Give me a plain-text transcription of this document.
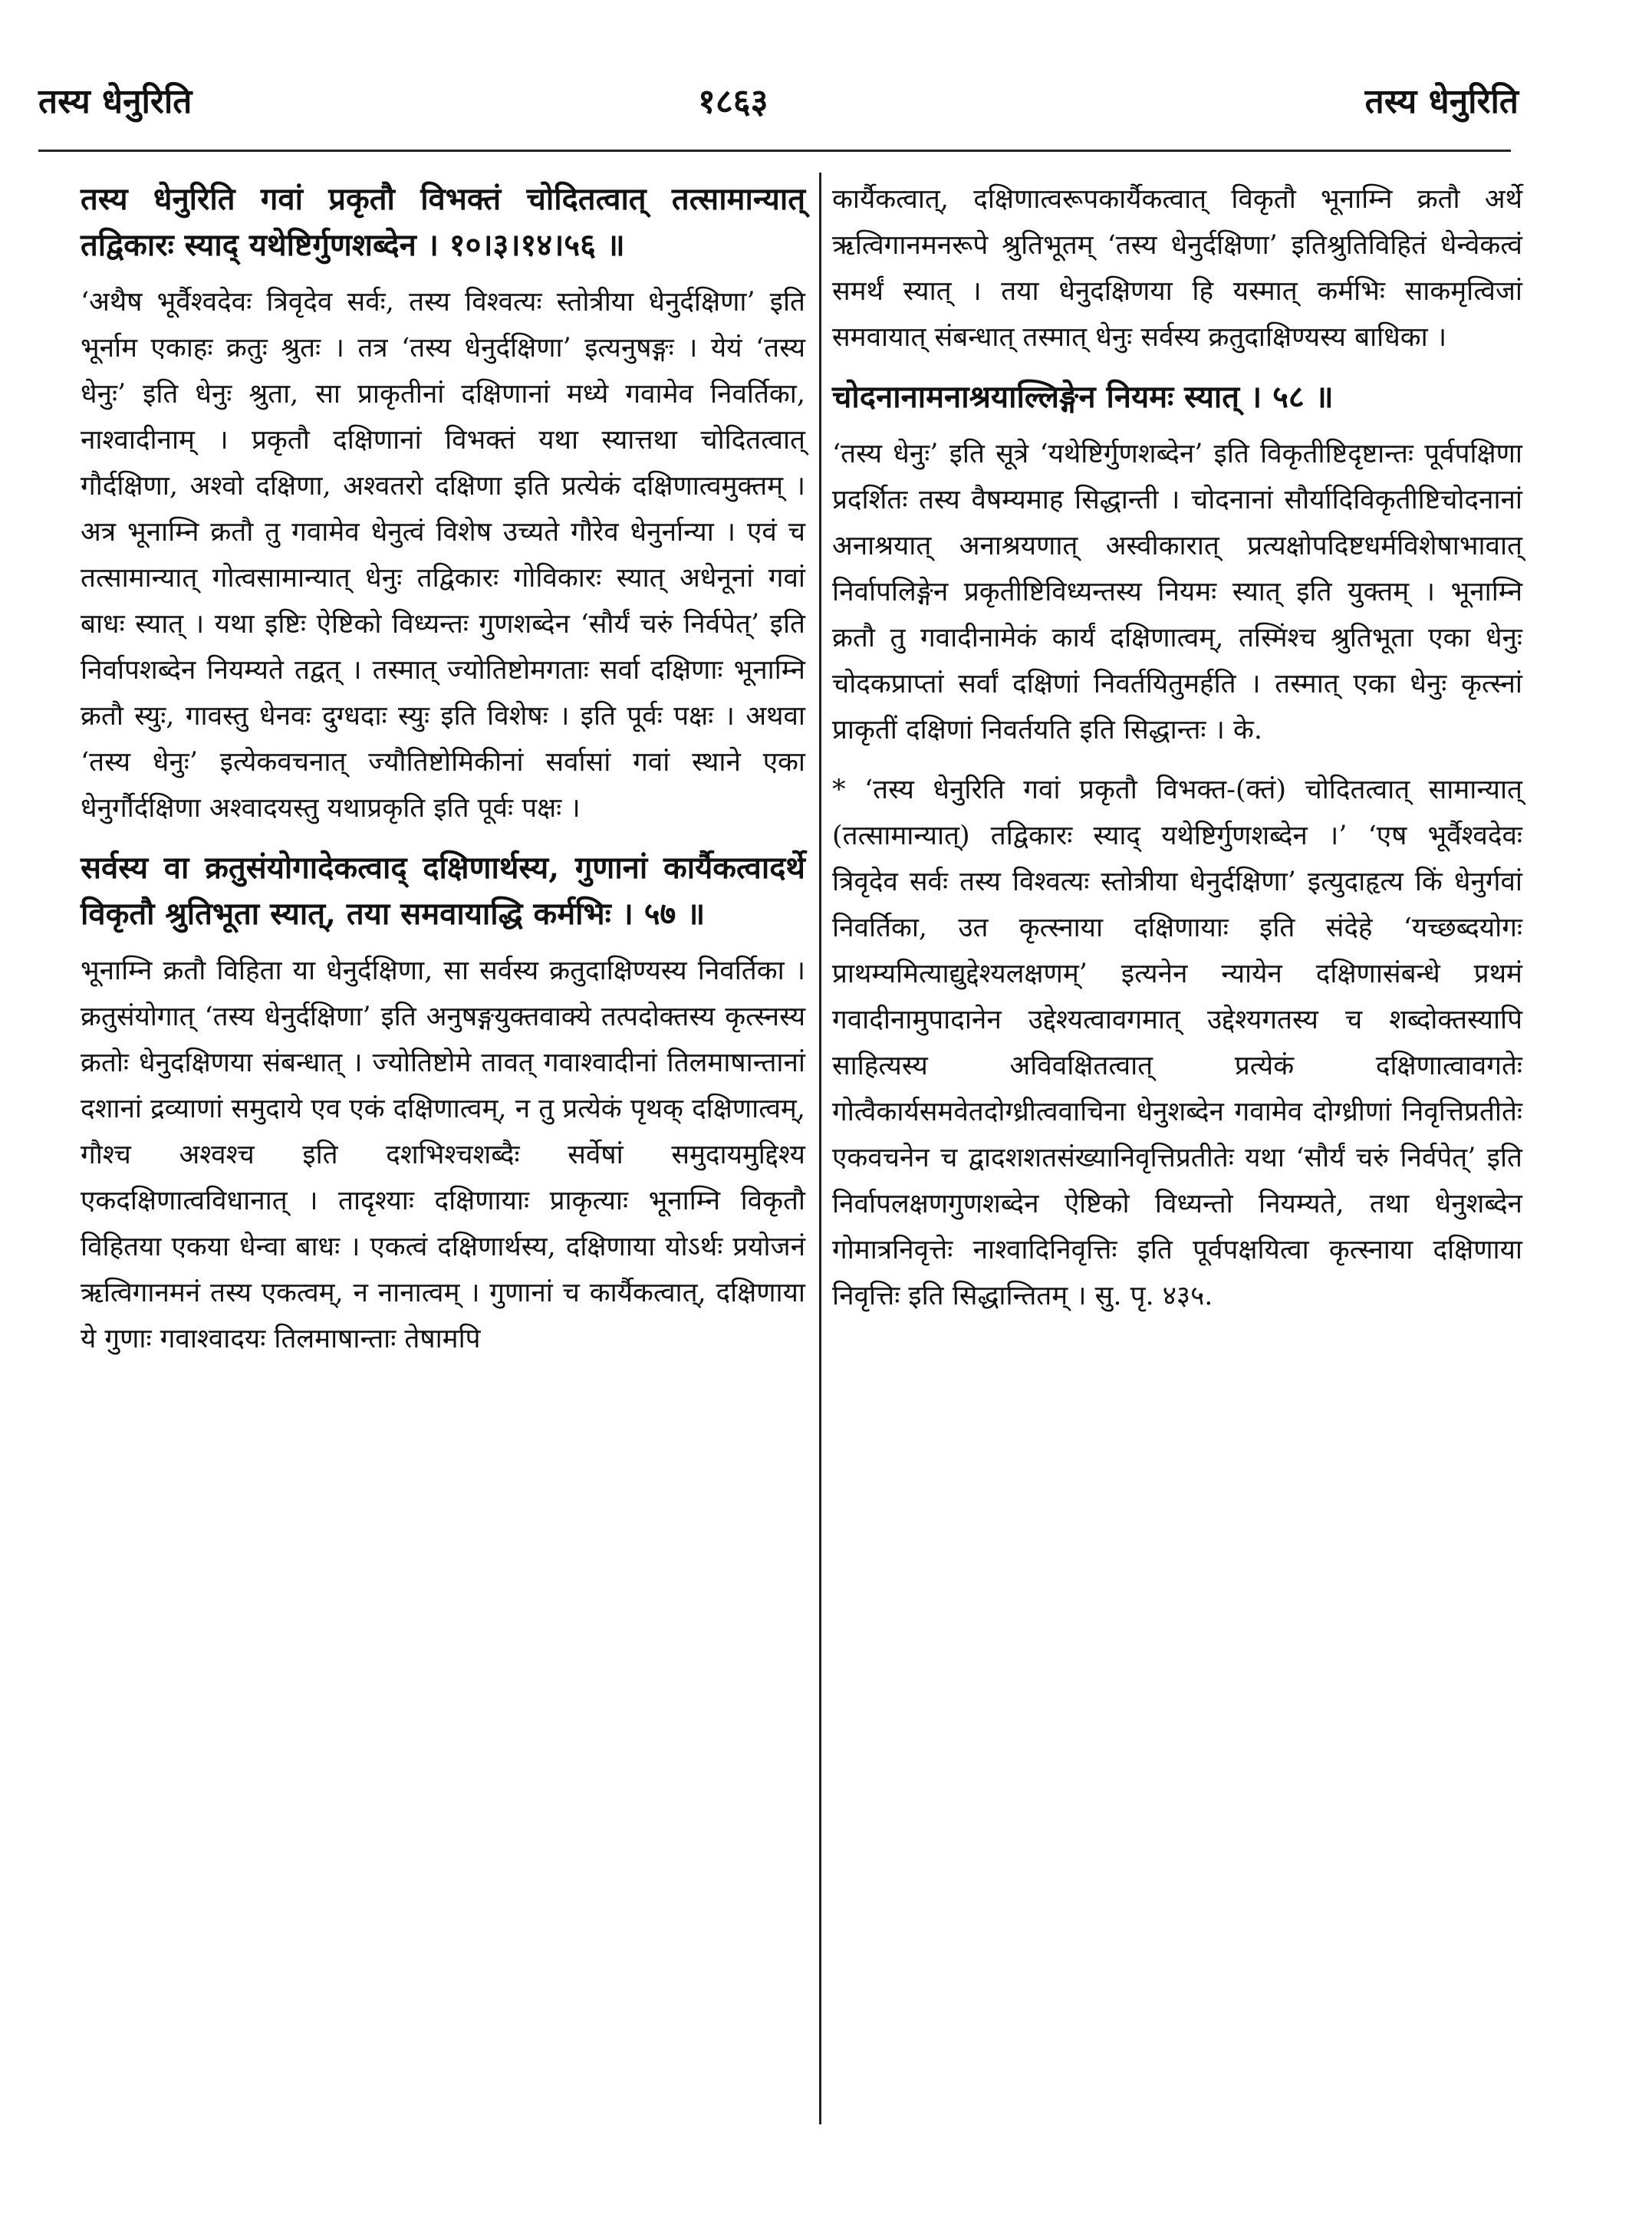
तस्य धेनुरिति	१८६३	तस्य धेनुरिति

तस्य धेनुरिति गवां प्रकृतौ विभक्तं चोदितत्वात् तत्सामान्यात् तद्विकारः स्याद् यथेष्टिर्गुणशब्देन । १०।३।१४।५६ ॥

‘अथैष भूर्वैश्वदेवः त्रिवृदेव सर्वः, तस्य विश्वत्यः स्तोत्रीया धेनुर्दक्षिणा’ इति भूर्नाम एकाहः क्रतुः श्रुतः । तत्र ‘तस्य धेनुर्दक्षिणा’ इत्यनुषङ्गः । येयं ‘तस्य धेनुः’ इति धेनुः श्रुता, सा प्राकृतीनां दक्षिणानां मध्ये गवामेव निवर्तिका, नाश्वादीनाम् । प्रकृतौ दक्षिणानां विभक्तं यथा स्यात्तथा चोदितत्वात् गौर्दक्षिणा, अश्वो दक्षिणा, अश्वतरो दक्षिणा इति प्रत्येकं दक्षिणात्वमुक्तम् । अत्र भूनाम्नि क्रतौ तु गवामेव धेनुत्वं विशेष उच्यते गौरेव धेनुर्नान्या । एवं च तत्सामान्यात् गोत्वसामान्यात् धेनुः तद्विकारः गोविकारः स्यात् अधेनूनां गवां बाधः स्यात् । यथा इष्टिः ऐष्टिको विध्यन्तः गुणशब्देन ‘सौर्यं चरुं निर्वपेत्’ इति निर्वापशब्देन नियम्यते तद्वत् । तस्मात् ज्योतिष्टोमगताः सर्वा दक्षिणाः भूनाम्नि क्रतौ स्युः, गावस्तु धेनवः दुग्धदाः स्युः इति विशेषः । इति पूर्वः पक्षः । अथवा ‘तस्य धेनुः’ इत्येकवचनात् ज्यौतिष्टोमिकीनां सर्वासां गवां स्थाने एका धेनुर्गौर्दक्षिणा अश्वादयस्तु यथाप्रकृति इति पूर्वः पक्षः ।

सर्वस्य वा क्रतुसंयोगादेकत्वाद् दक्षिणार्थस्य, गुणानां कार्यैकत्वादर्थे विकृतौ श्रुतिभूता स्यात्, तया समवायाद्धि कर्मभिः । ५७ ॥

भूनाम्नि क्रतौ विहिता या धेनुर्दक्षिणा, सा सर्वस्य क्रतुदाक्षिण्यस्य निवर्तिका । क्रतुसंयोगात् ‘तस्य धेनुर्दक्षिणा’ इति अनुषङ्गयुक्तवाक्ये तत्पदोक्तस्य कृत्स्नस्य क्रतोः धेनुदक्षिणया संबन्धात् । ज्योतिष्टोमे तावत् गवाश्वादीनां तिलमाषान्तानां दशानां द्रव्याणां समुदाये एव एकं दक्षिणात्वम्, न तु प्रत्येकं पृथक् दक्षिणात्वम्, गौश्च अश्वश्च इति दशभिश्चशब्दैः सर्वेषां समुदायमुद्दिश्य एकदक्षिणात्वविधानात् । तादृश्याः दक्षिणायाः प्राकृत्याः भूनाम्नि विकृतौ विहितया एकया धेन्वा बाधः । एकत्वं दक्षिणार्थस्य, दक्षिणाया योऽर्थः प्रयोजनं ऋत्विगानमनं तस्य एकत्वम्, न नानात्वम् । गुणानां च कार्यैकत्वात्, दक्षिणाया ये गुणाः गवाश्वादयः तिलमाषान्ताः तेषामपि

कार्यैकत्वात्, दक्षिणात्वरूपकार्यैकत्वात् विकृतौ भूनाम्नि क्रतौ अर्थे ऋत्विगानमनरूपे श्रुतिभूतम् ‘तस्य धेनुर्दक्षिणा’ इतिश्रुतिविहितं धेन्वेकत्वं समर्थं स्यात् । तया धेनुदक्षिणया हि यस्मात् कर्मभिः साकमृत्विजां समवायात् संबन्धात् तस्मात् धेनुः सर्वस्य क्रतुदाक्षिण्यस्य बाधिका ।

चोदनानामनाश्रयाल्लिङ्गेन नियमः स्यात् । ५८ ॥

‘तस्य धेनुः’ इति सूत्रे ‘यथेष्टिर्गुणशब्देन’ इति विकृतीष्टिदृष्टान्तः पूर्वपक्षिणा प्रदर्शितः तस्य वैषम्यमाह सिद्धान्ती । चोदनानां सौर्यादिविकृतीष्टिचोदनानां अनाश्रयात् अनाश्रयणात् अस्वीकारात् प्रत्यक्षोपदिष्टधर्मविशेषाभावात् निर्वापलिङ्गेन प्रकृतीष्टिविध्यन्तस्य नियमः स्यात् इति युक्तम् । भूनाम्नि क्रतौ तु गवादीनामेकं कार्यं दक्षिणात्वम्, तस्मिंश्च श्रुतिभूता एका धेनुः चोदकप्राप्तां सर्वां दक्षिणां निवर्तयितुमर्हति । तस्मात् एका धेनुः कृत्स्नां प्राकृतीं दक्षिणां निवर्तयति इति सिद्धान्तः । के.

* ‘तस्य धेनुरिति गवां प्रकृतौ विभक्त-(क्तं) चोदितत्वात् सामान्यात् (तत्सामान्यात्) तद्विकारः स्याद् यथेष्टिर्गुणशब्देन ।’ ‘एष भूर्वैश्वदेवः त्रिवृदेव सर्वः तस्य विश्वत्यः स्तोत्रीया धेनुर्दक्षिणा’ इत्युदाहृत्य किं धेनुर्गवां निवर्तिका, उत कृत्स्नाया दक्षिणायाः इति संदेहे ‘यच्छब्दयोगः प्राथम्यमित्याद्युद्देश्यलक्षणम्’ इत्यनेन न्यायेन दक्षिणासंबन्धे प्रथमं गवादीनामुपादानेन उद्देश्यत्वावगमात् उद्देश्यगतस्य च शब्दोक्तस्यापि साहित्यस्य अविवक्षितत्वात् प्रत्येकं दक्षिणात्वावगतेः गोत्वैकार्यसमवेतदोग्ध्रीत्ववाचिना धेनुशब्देन गवामेव दोग्ध्रीणां निवृत्तिप्रतीतेः एकवचनेन च द्वादशशतसंख्यानिवृत्तिप्रतीतेः यथा ‘सौर्यं चरुं निर्वपेत्’ इति निर्वापलक्षणगुणशब्देन ऐष्टिको विध्यन्तो नियम्यते, तथा धेनुशब्देन गोमात्रनिवृत्तेः नाश्वादिनिवृत्तिः इति पूर्वपक्षयित्वा कृत्स्नाया दक्षिणाया निवृत्तिः इति सिद्धान्तितम् । सु. पृ. ४३५.
